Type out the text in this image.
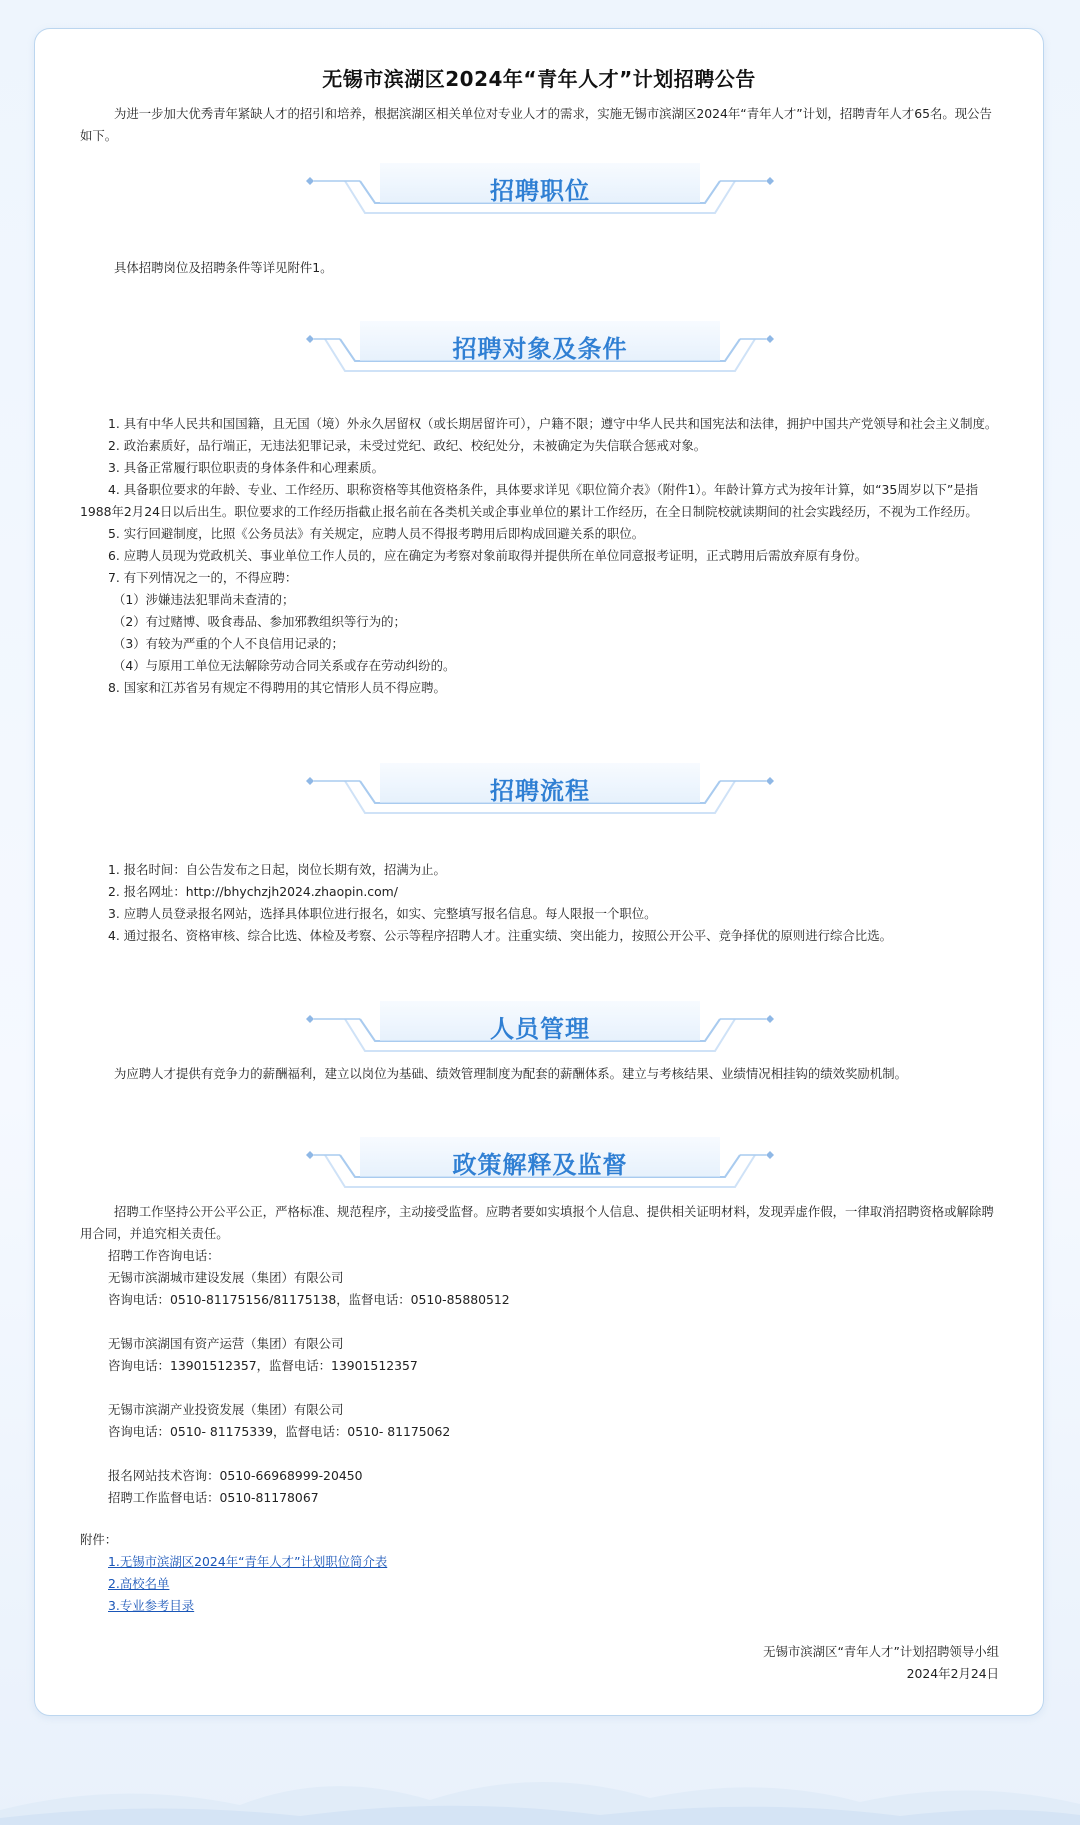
无锡市滨湖区2024年“青年人才”计划招聘公告

为进一步加大优秀青年紧缺人才的招引和培养，根据滨湖区相关单位对专业人才的需求，实施无锡市滨湖区2024年“青年人才”计划，招聘青年人才65名。现公告如下。

招聘职位

具体招聘岗位及招聘条件等详见附件1。

招聘对象及条件
1. 具有中华人民共和国国籍，且无国（境）外永久居留权（或长期居留许可），户籍不限；遵守中华人民共和国宪法和法律，拥护中国共产党领导和社会主义制度。
2. 政治素质好，品行端正，无违法犯罪记录，未受过党纪、政纪、校纪处分，未被确定为失信联合惩戒对象。
3. 具备正常履行职位职责的身体条件和心理素质。
4. 具备职位要求的年龄、专业、工作经历、职称资格等其他资格条件，具体要求详见《职位简介表》（附件1）。年龄计算方式为按年计算，如“35周岁以下”是指1988年2月24日以后出生。职位要求的工作经历指截止报名前在各类机关或企事业单位的累计工作经历，在全日制院校就读期间的社会实践经历，不视为工作经历。
5. 实行回避制度，比照《公务员法》有关规定，应聘人员不得报考聘用后即构成回避关系的职位。
6. 应聘人员现为党政机关、事业单位工作人员的，应在确定为考察对象前取得并提供所在单位同意报考证明，正式聘用后需放弃原有身份。
7. 有下列情况之一的，不得应聘：
（1）涉嫌违法犯罪尚未查清的；
（2）有过赌博、吸食毒品、参加邪教组织等行为的；
（3）有较为严重的个人不良信用记录的；
（4）与原用工单位无法解除劳动合同关系或存在劳动纠纷的。
8. 国家和江苏省另有规定不得聘用的其它情形人员不得应聘。
招聘流程
1. 报名时间：自公告发布之日起，岗位长期有效，招满为止。
2. 报名网址：http://bhychzjh2024.zhaopin.com/
3. 应聘人员登录报名网站，选择具体职位进行报名，如实、完整填写报名信息。每人限报一个职位。
4. 通过报名、资格审核、综合比选、体检及考察、公示等程序招聘人才。注重实绩、突出能力，按照公开公平、竞争择优的原则进行综合比选。
人员管理

为应聘人才提供有竞争力的薪酬福利，建立以岗位为基础、绩效管理制度为配套的薪酬体系。建立与考核结果、业绩情况相挂钩的绩效奖励机制。

政策解释及监督

招聘工作坚持公开公平公正，严格标准、规范程序，主动接受监督。应聘者要如实填报个人信息、提供相关证明材料，发现弄虚作假，一律取消招聘资格或解除聘用合同，并追究相关责任。

招聘工作咨询电话：
无锡市滨湖城市建设发展（集团）有限公司
咨询电话：0510-81175156/81175138，监督电话：0510-85880512
无锡市滨湖国有资产运营（集团）有限公司
咨询电话：13901512357，监督电话：13901512357
无锡市滨湖产业投资发展（集团）有限公司
咨询电话：0510- 81175339，监督电话：0510- 81175062
报名网站技术咨询：0510-66968999-20450
招聘工作监督电话：0510-81178067
附件：
1.无锡市滨湖区2024年“青年人才”计划职位简介表
2.高校名单
3.专业参考目录
无锡市滨湖区“青年人才”计划招聘领导小组
2024年2月24日
